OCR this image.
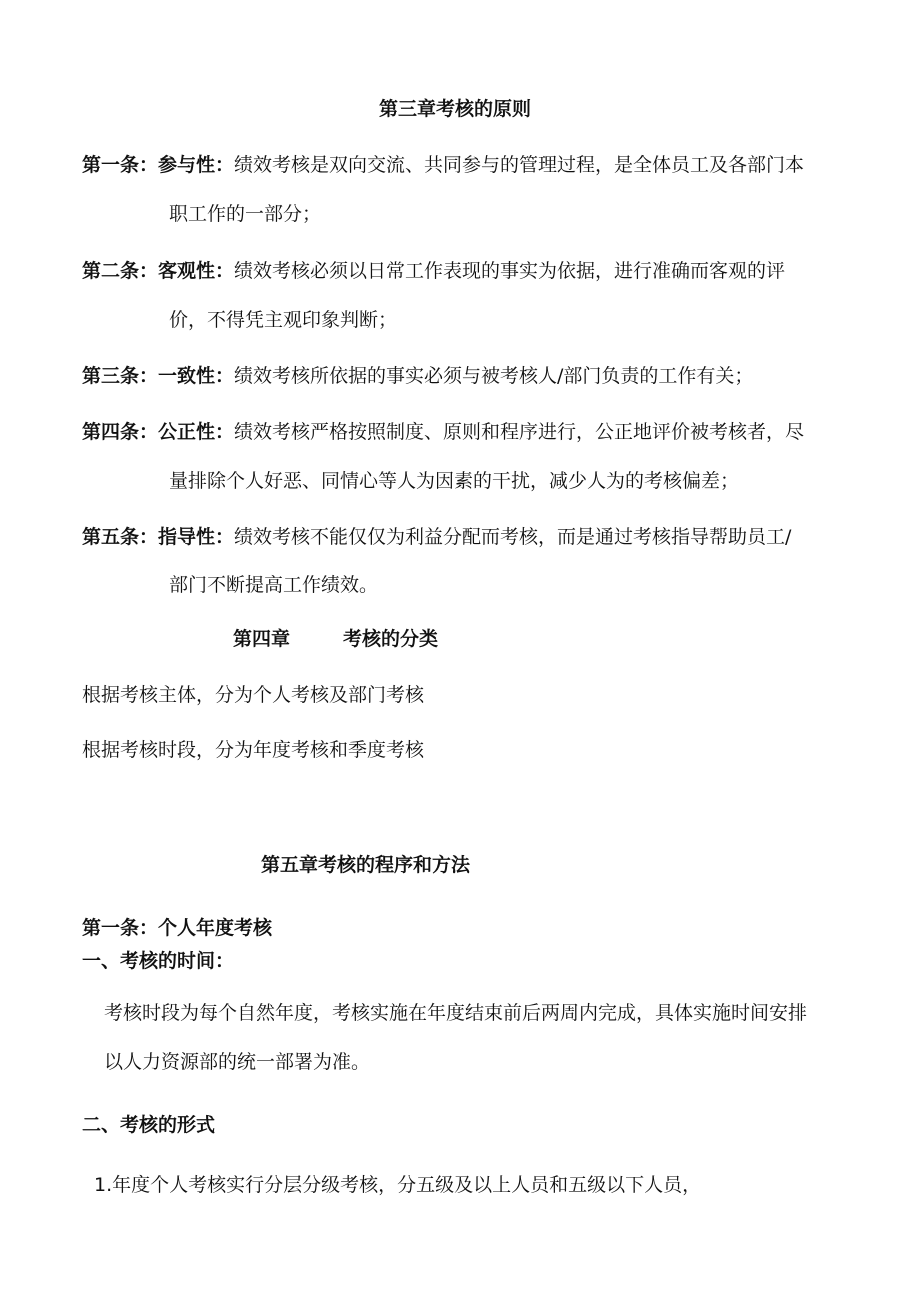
第三章考核的原则
第一条：参与性：绩效考核是双向交流、共同参与的管理过程，是全体员工及各部门本
职工作的一部分；
第二条：客观性：绩效考核必须以日常工作表现的事实为依据，进行准确而客观的评
价，不得凭主观印象判断；
第三条：一致性：绩效考核所依据的事实必须与被考核人/部门负责的工作有关；
第四条：公正性：绩效考核严格按照制度、原则和程序进行，公正地评价被考核者，尽
量排除个人好恶、同情心等人为因素的干扰，减少人为的考核偏差；
第五条：指导性：绩效考核不能仅仅为利益分配而考核，而是通过考核指导帮助员工/
部门不断提高工作绩效。
第四章	考核的分类
根据考核主体，分为个人考核及部门考核
根据考核时段，分为年度考核和季度考核
第五章考核的程序和方法
第一条：个人年度考核
一、考核的时间：
考核时段为每个自然年度，考核实施在年度结束前后两周内完成，具体实施时间安排
以人力资源部的统一部署为准。
二、考核的形式
1.年度个人考核实行分层分级考核，分五级及以上人员和五级以下人员，
